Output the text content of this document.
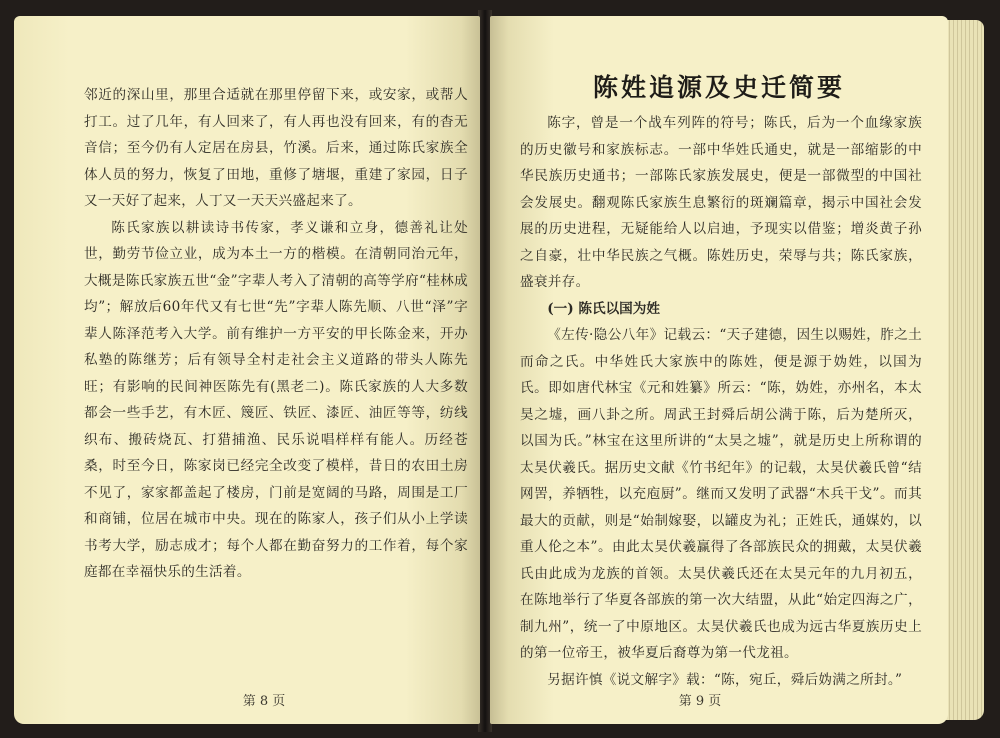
邻近的深山里，那里合适就在那里停留下来，或安家，或帮人打工。过了几年，有人回来了，有人再也没有回来，有的杳无音信；至今仍有人定居在房县，竹溪。后来，通过陈氏家族全体人员的努力，恢复了田地，重修了塘堰，重建了家园，日子又一天好了起来，人丁又一天天兴盛起来了。

陈氏家族以耕读诗书传家，孝义谦和立身，德善礼让处世，勤劳节俭立业，成为本土一方的楷模。在清朝同治元年，大概是陈氏家族五世“金”字辈人考入了清朝的高等学府“桂林成均”；解放后60年代又有七世“先”字辈人陈先顺、八世“泽”字辈人陈泽范考入大学。前有维护一方平安的甲长陈金来，开办私塾的陈继芳；后有领导全村走社会主义道路的带头人陈先旺；有影响的民间神医陈先有(黑老二)。陈氏家族的人大多数都会一些手艺，有木匠、篾匠、铁匠、漆匠、油匠等等，纺线织布、搬砖烧瓦、打猎捕渔、民乐说唱样样有能人。历经苍桑，时至今日，陈家岗已经完全改变了模样，昔日的农田土房不见了，家家都盖起了楼房，门前是宽阔的马路，周围是工厂和商铺，位居在城市中央。现在的陈家人，孩子们从小上学读书考大学，励志成才；每个人都在勤奋努力的工作着，每个家庭都在幸福快乐的生活着。

第 8 页
陈姓追源及史迁简要

陈字，曾是一个战车列阵的符号；陈氏，后为一个血缘家族的历史徽号和家族标志。一部中华姓氏通史，就是一部缩影的中华民族历史通书；一部陈氏家族发展史，便是一部微型的中国社会发展史。翻观陈氏家族生息繁衍的斑斓篇章，揭示中国社会发展的历史进程，无疑能给人以启迪，予现实以借鉴；增炎黄子孙之自豪，壮中华民族之气概。陈姓历史，荣辱与共；陈氏家族，盛衰并存。

(一) 陈氏以国为姓

《左传·隐公八年》记载云：“天子建德，因生以赐姓，胙之土而命之氏。中华姓氏大家族中的陈姓，便是源于妫姓，以国为氏。即如唐代林宝《元和姓纂》所云：“陈，妫姓，亦州名，本太昊之墟，画八卦之所。周武王封舜后胡公满于陈，后为楚所灭，以国为氏。”林宝在这里所讲的“太昊之墟”，就是历史上所称谓的太昊伏羲氏。据历史文献《竹书纪年》的记载，太昊伏羲氏曾“结网罟，养牺牲，以充庖厨”。继而又发明了武器“木兵干戈”。而其最大的贡献，则是“始制嫁娶，以罐皮为礼；正姓氏，通媒妁，以重人伦之本”。由此太昊伏羲赢得了各部族民众的拥戴，太昊伏羲氏由此成为龙族的首领。太昊伏羲氏还在太昊元年的九月初五，在陈地举行了华夏各部族的第一次大结盟，从此“始定四海之广，制九州”，统一了中原地区。太昊伏羲氏也成为远古华夏族历史上的第一位帝王，被华夏后裔尊为第一代龙祖。

另据许慎《说文解字》载：“陈，宛丘，舜后妫满之所封。”

第 9 页
